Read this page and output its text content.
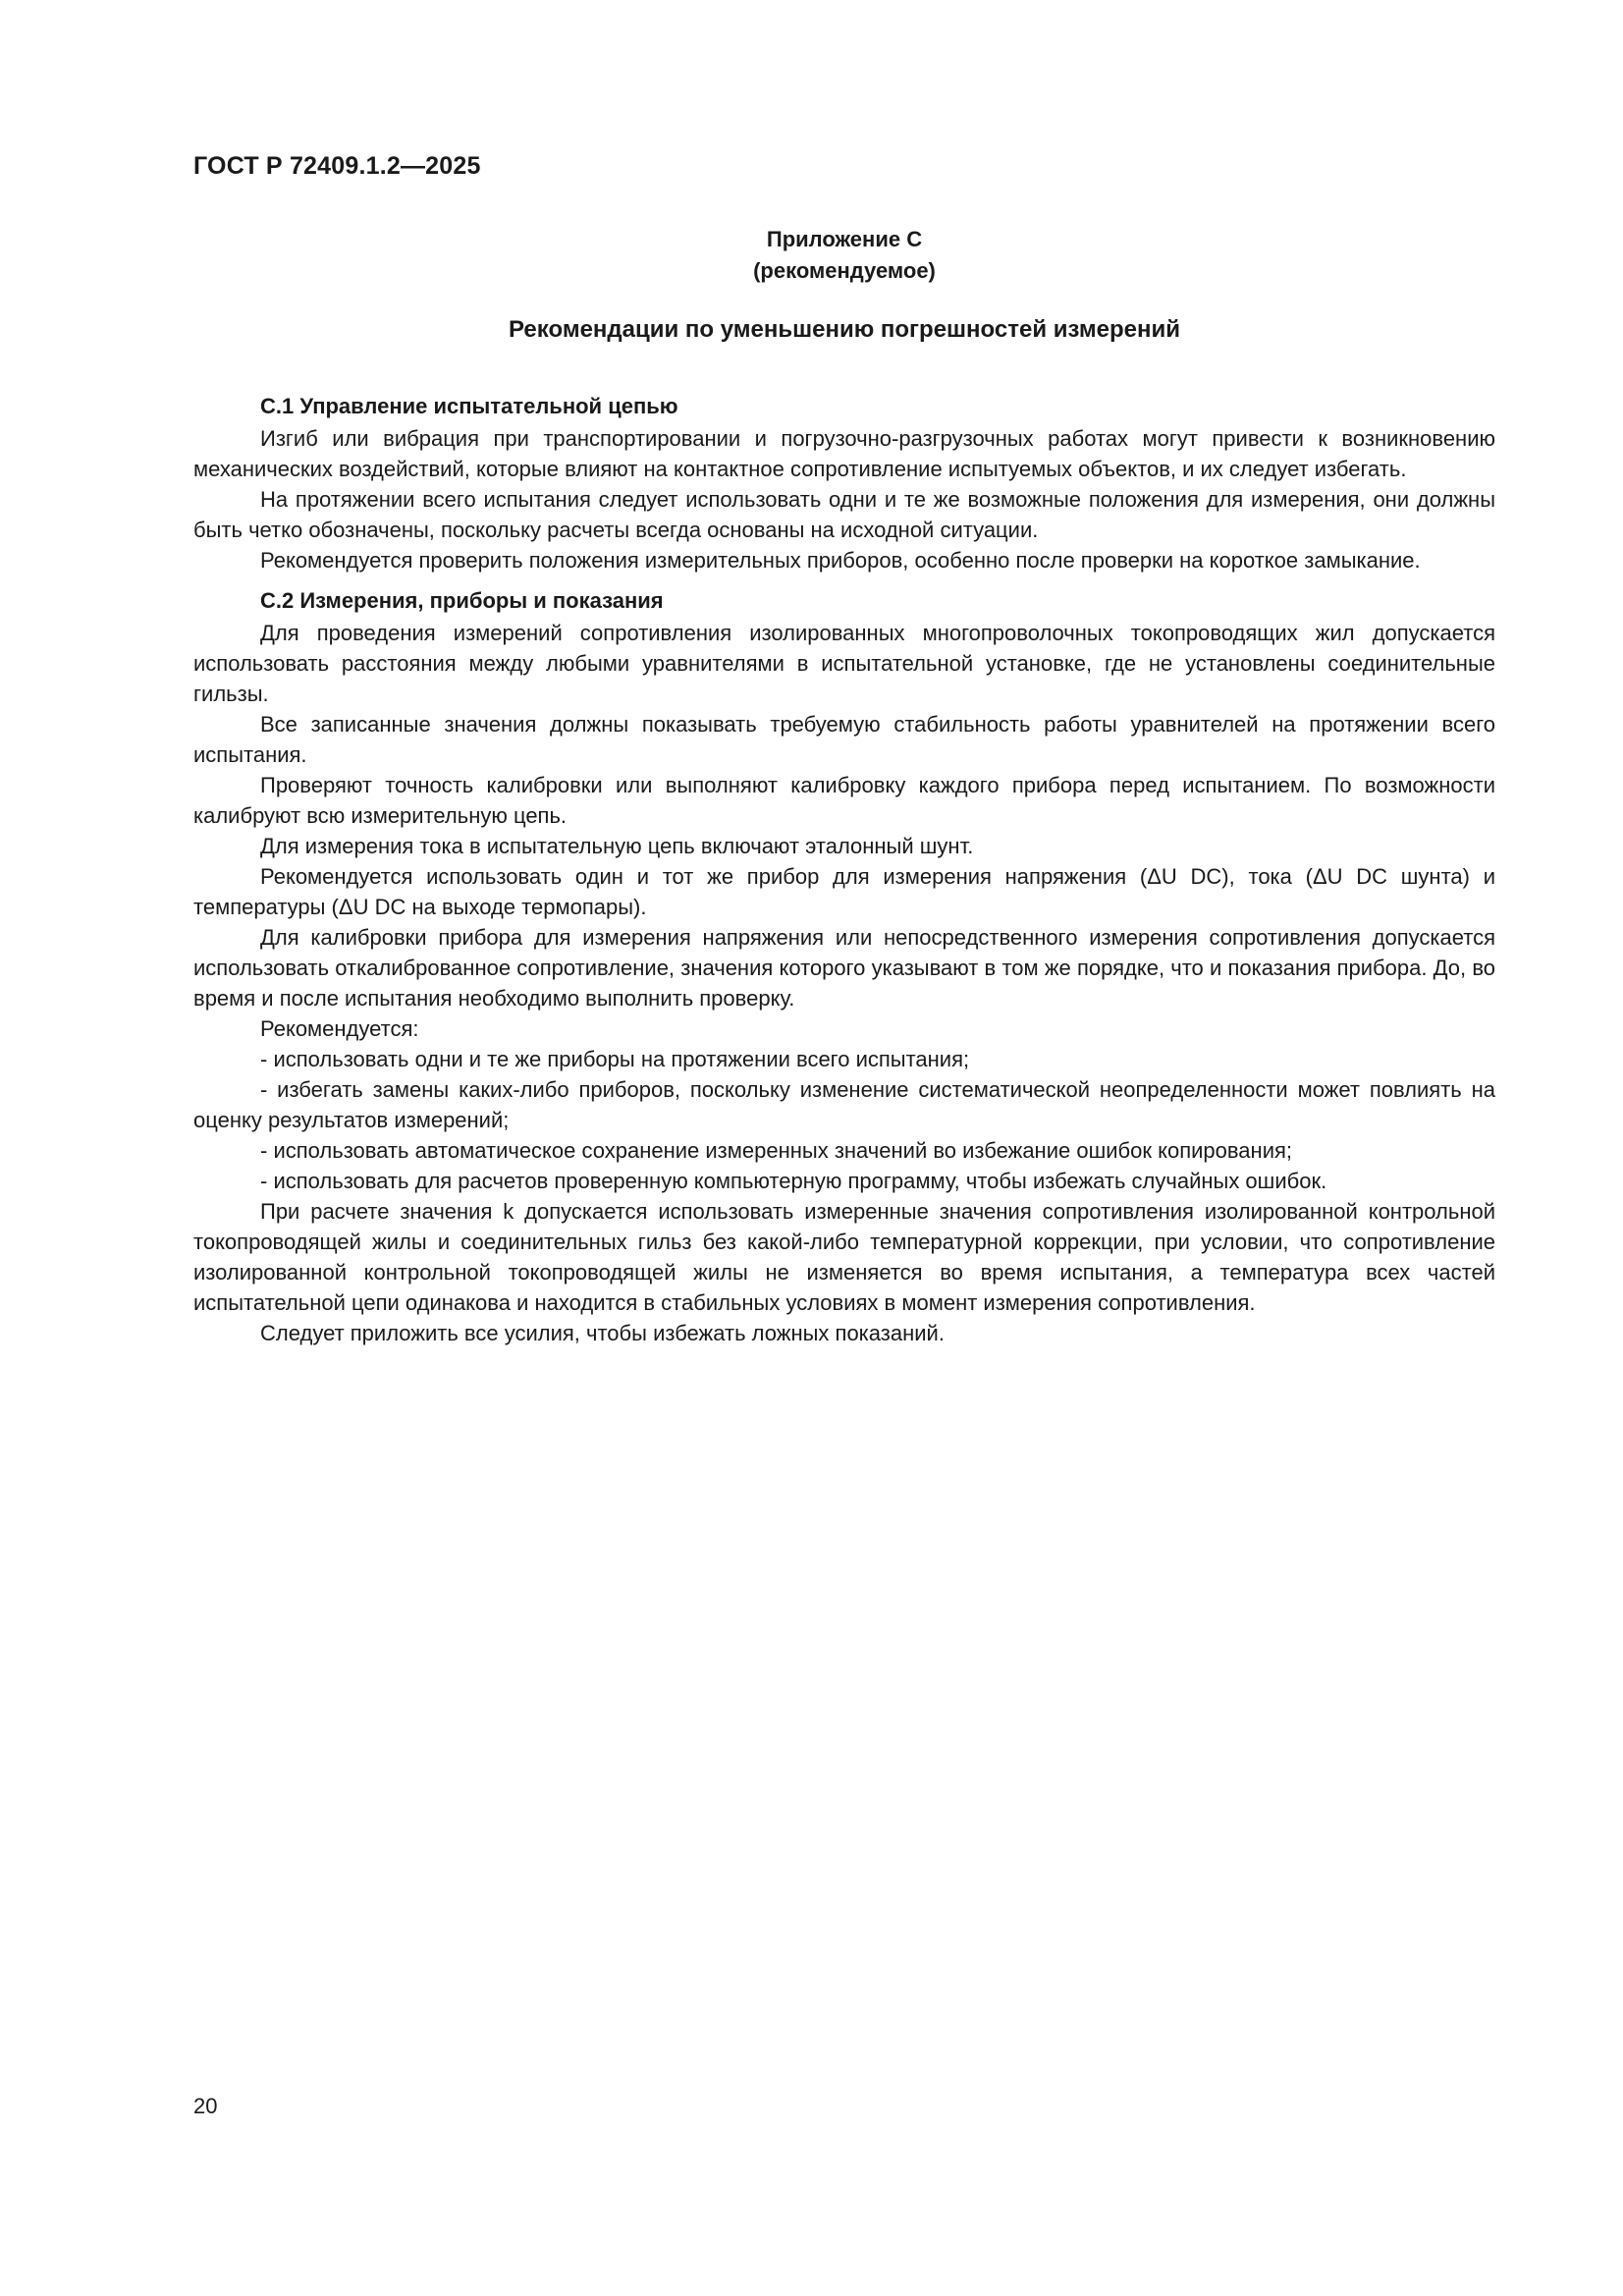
ГОСТ Р 72409.1.2—2025
Приложение С
(рекомендуемое)
Рекомендации по уменьшению погрешностей измерений
С.1 Управление испытательной цепью

Изгиб или вибрация при транспортировании и погрузочно-разгрузочных работах могут привести к возникновению механических воздействий, которые влияют на контактное сопротивление испытуемых объектов, и их следует избегать.

На протяжении всего испытания следует использовать одни и те же возможные положения для измерения, они должны быть четко обозначены, поскольку расчеты всегда основаны на исходной ситуации.

Рекомендуется проверить положения измерительных приборов, особенно после проверки на короткое замыкание.

С.2 Измерения, приборы и показания

Для проведения измерений сопротивления изолированных многопроволочных токопроводящих жил допускается использовать расстояния между любыми уравнителями в испытательной установке, где не установлены соединительные гильзы.

Все записанные значения должны показывать требуемую стабильность работы уравнителей на протяжении всего испытания.

Проверяют точность калибровки или выполняют калибровку каждого прибора перед испытанием. По возможности калибруют всю измерительную цепь.

Для измерения тока в испытательную цепь включают эталонный шунт.

Рекомендуется использовать один и тот же прибор для измерения напряжения (ΔU DC), тока (ΔU DC шунта) и температуры (ΔU DC на выходе термопары).

Для калибровки прибора для измерения напряжения или непосредственного измерения сопротивления допускается использовать откалиброванное сопротивление, значения которого указывают в том же порядке, что и показания прибора. До, во время и после испытания необходимо выполнить проверку.

Рекомендуется:

- использовать одни и те же приборы на протяжении всего испытания;

- избегать замены каких-либо приборов, поскольку изменение систематической неопределенности может повлиять на оценку результатов измерений;

- использовать автоматическое сохранение измеренных значений во избежание ошибок копирования;

- использовать для расчетов проверенную компьютерную программу, чтобы избежать случайных ошибок.

При расчете значения k допускается использовать измеренные значения сопротивления изолированной контрольной токопроводящей жилы и соединительных гильз без какой-либо температурной коррекции, при условии, что сопротивление изолированной контрольной токопроводящей жилы не изменяется во время испытания, а температура всех частей испытательной цепи одинакова и находится в стабильных условиях в момент измерения сопротивления.

Следует приложить все усилия, чтобы избежать ложных показаний.

20
